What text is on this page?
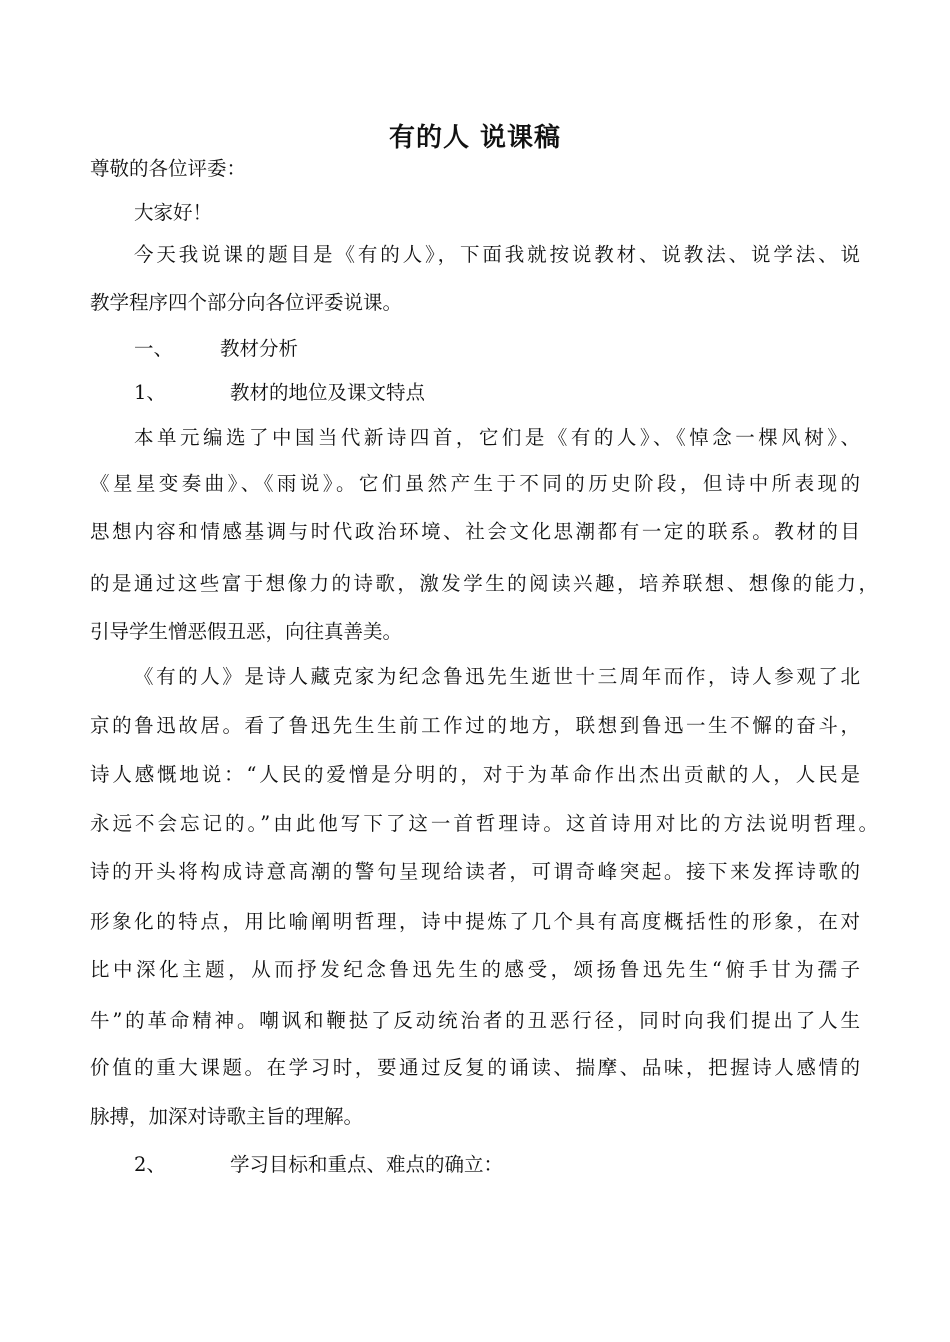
有的人 说课稿
尊敬的各位评委：
大家好！
今天我说课的题目是《有的人》，下面我就按说教材、说教法、说学法、说
教学程序四个部分向各位评委说课。
一、 教材分析
1、	教材的地位及课文特点
本单元编选了中国当代新诗四首，它们是《有的人》、《悼念一棵风树》、
《星星变奏曲》、《雨说》。它们虽然产生于不同的历史阶段，但诗中所表现的
思想内容和情感基调与时代政治环境、社会文化思潮都有一定的联系。教材的目
的是通过这些富于想像力的诗歌，激发学生的阅读兴趣，培养联想、想像的能力，
引导学生憎恶假丑恶，向往真善美。
《有的人》是诗人藏克家为纪念鲁迅先生逝世十三周年而作，诗人参观了北
京的鲁迅故居。看了鲁迅先生生前工作过的地方，联想到鲁迅一生不懈的奋斗，
诗人感慨地说：“人民的爱憎是分明的，对于为革命作出杰出贡献的人，人民是
永远不会忘记的。”由此他写下了这一首哲理诗。这首诗用对比的方法说明哲理。
诗的开头将构成诗意高潮的警句呈现给读者，可谓奇峰突起。接下来发挥诗歌的
形象化的特点，用比喻阐明哲理，诗中提炼了几个具有高度概括性的形象，在对
比中深化主题，从而抒发纪念鲁迅先生的感受，颂扬鲁迅先生“俯手甘为孺子
牛”的革命精神。嘲讽和鞭挞了反动统治者的丑恶行径，同时向我们提出了人生
价值的重大课题。在学习时，要通过反复的诵读、揣摩、品味，把握诗人感情的
脉搏，加深对诗歌主旨的理解。
2、	学习目标和重点、难点的确立：
